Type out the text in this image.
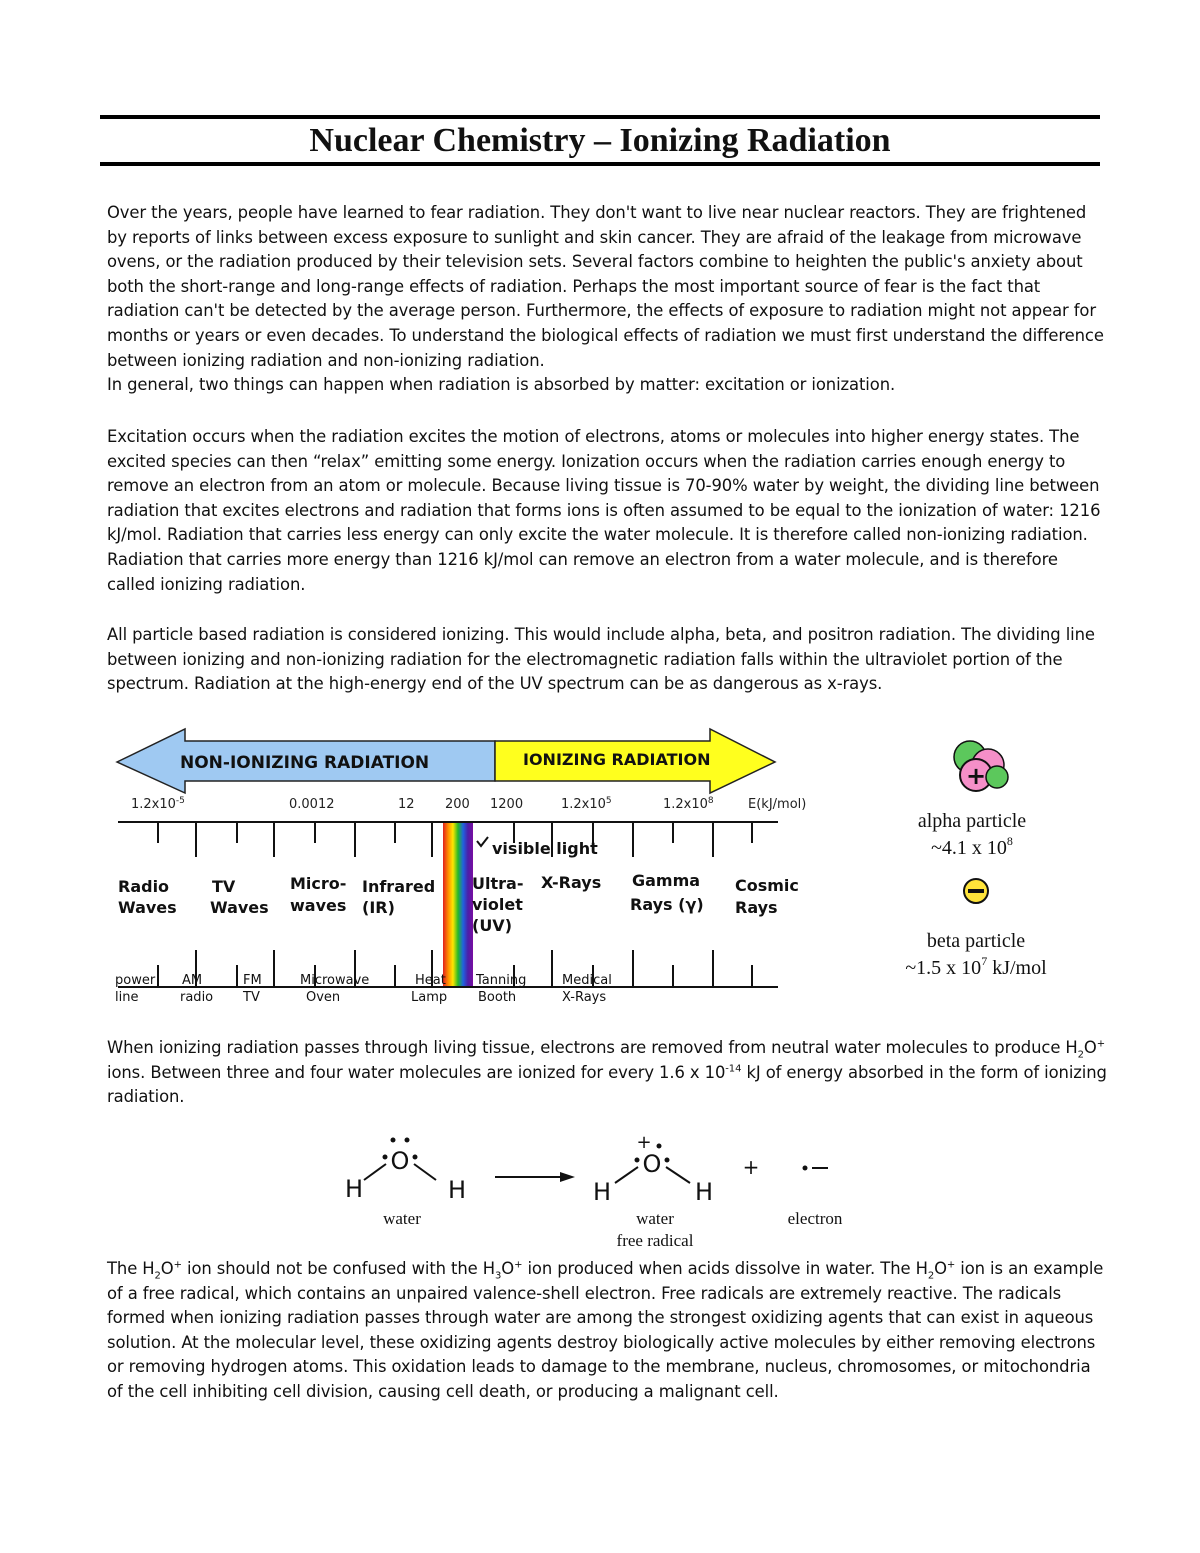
Nuclear Chemistry – Ionizing Radiation

Over the years, people have learned to fear radiation. They don't want to live near nuclear reactors. They are frightened by reports of links between excess exposure to sunlight and skin cancer. They are afraid of the leakage from microwave ovens, or the radiation produced by their television sets. Several factors combine to heighten the public's anxiety about both the short-range and long-range effects of radiation. Perhaps the most important source of fear is the fact that radiation can't be detected by the average person. Furthermore, the effects of exposure to radiation might not appear for months or years or even decades. To understand the biological effects of radiation we must first understand the difference between ionizing radiation and non-ionizing radiation.

In general, two things can happen when radiation is absorbed by matter: excitation or ionization.

Excitation occurs when the radiation excites the motion of electrons, atoms or molecules into higher energy states. The excited species can then “relax” emitting some energy. Ionization occurs when the radiation carries enough energy to remove an electron from an atom or molecule. Because living tissue is 70-90% water by weight, the dividing line between radiation that excites electrons and radiation that forms ions is often assumed to be equal to the ionization of water: 1216 kJ/mol. Radiation that carries less energy can only excite the water molecule. It is therefore called non-ionizing radiation. Radiation that carries more energy than 1216 kJ/mol can remove an electron from a water molecule, and is therefore called ionizing radiation.

All particle based radiation is considered ionizing. This would include alpha, beta, and positron radiation. The dividing line between ionizing and non-ionizing radiation for the electromagnetic radiation falls within the ultraviolet portion of the spectrum. Radiation at the high-energy end of the UV spectrum can be as dangerous as x-rays.

NON-IONIZING RADIATION	IONIZING RADIATION
$1.2x10^{-5}$	0.0012	12 200 1200	$1.2x10^5$	$1.2x10^8$	E(kJ/mol)
visible light
Radio
Waves
TV
Waves
Micro-
waves
Infrared
(IR)
Ultra-
violet
(UV)
X-Rays Gamma
Rays (γ)
Cosmic
Rays
power
line
AM
radio
FM
TV
Microwave
Oven
Heat
Lamp
Tanning
Booth
Medical
X-Rays
+
alpha particle
~4.1 x $10^8$
beta particle
~1.5 x $10^7$ kJ/mol

When ionizing radiation passes through living tissue, electrons are removed from neutral water molecules to produce $H_2O^+$ ions. Between three and four water molecules are ionized for every 1.6 x $10^{-14}$ kJ of energy absorbed in the form of ionizing radiation.

O
H	H
water
+
O
H	H
water
free radical
+
electron

The $H_2O^+$ ion should not be confused with the $H_3O^+$ ion produced when acids dissolve in water. The $H_2O^+$ ion is an example of a free radical, which contains an unpaired valence-shell electron. Free radicals are extremely reactive. The radicals formed when ionizing radiation passes through water are among the strongest oxidizing agents that can exist in aqueous solution. At the molecular level, these oxidizing agents destroy biologically active molecules by either removing electrons or removing hydrogen atoms. This oxidation leads to damage to the membrane, nucleus, chromosomes, or mitochondria of the cell inhibiting cell division, causing cell death, or producing a malignant cell.
